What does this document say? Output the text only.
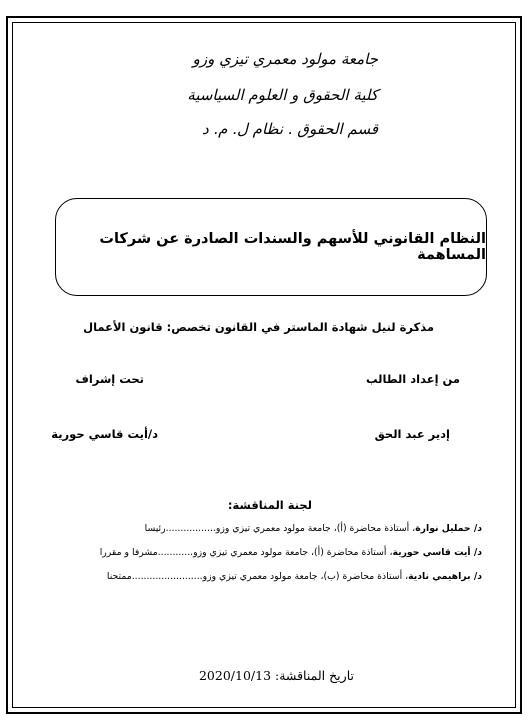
جامعة مولود معمري تيزي وزو
كلية الحقوق و العلوم السياسية
قسم الحقوق . نظام ل. م. د
النظام القانوني للأسهم والسندات الصادرة عن شركات المساهمة
مذكرة لنيل شهادة الماستر في القانون تخصص: قانون الأعمال
من إعداد الطالب
تحت إشراف
إدير عبد الحق
د/أيت قاسي حورية
لجنة المناقشة:
د/ حمليل نوارة، أستاذة محاضرة (أ)، جامعة مولود معمري تيزي وزو.................رئيسا
د/ أيت قاسي حورية، أستاذة محاضرة (أ)، جامعة مولود معمري تيزي وزو............مشرفا و مقررا
د/ براهيمي نادية، أستاذة محاضرة (ب)، جامعة مولود معمري تيزي وزو........................ممتحنا
تاريخ المناقشة: 2020/10/13
